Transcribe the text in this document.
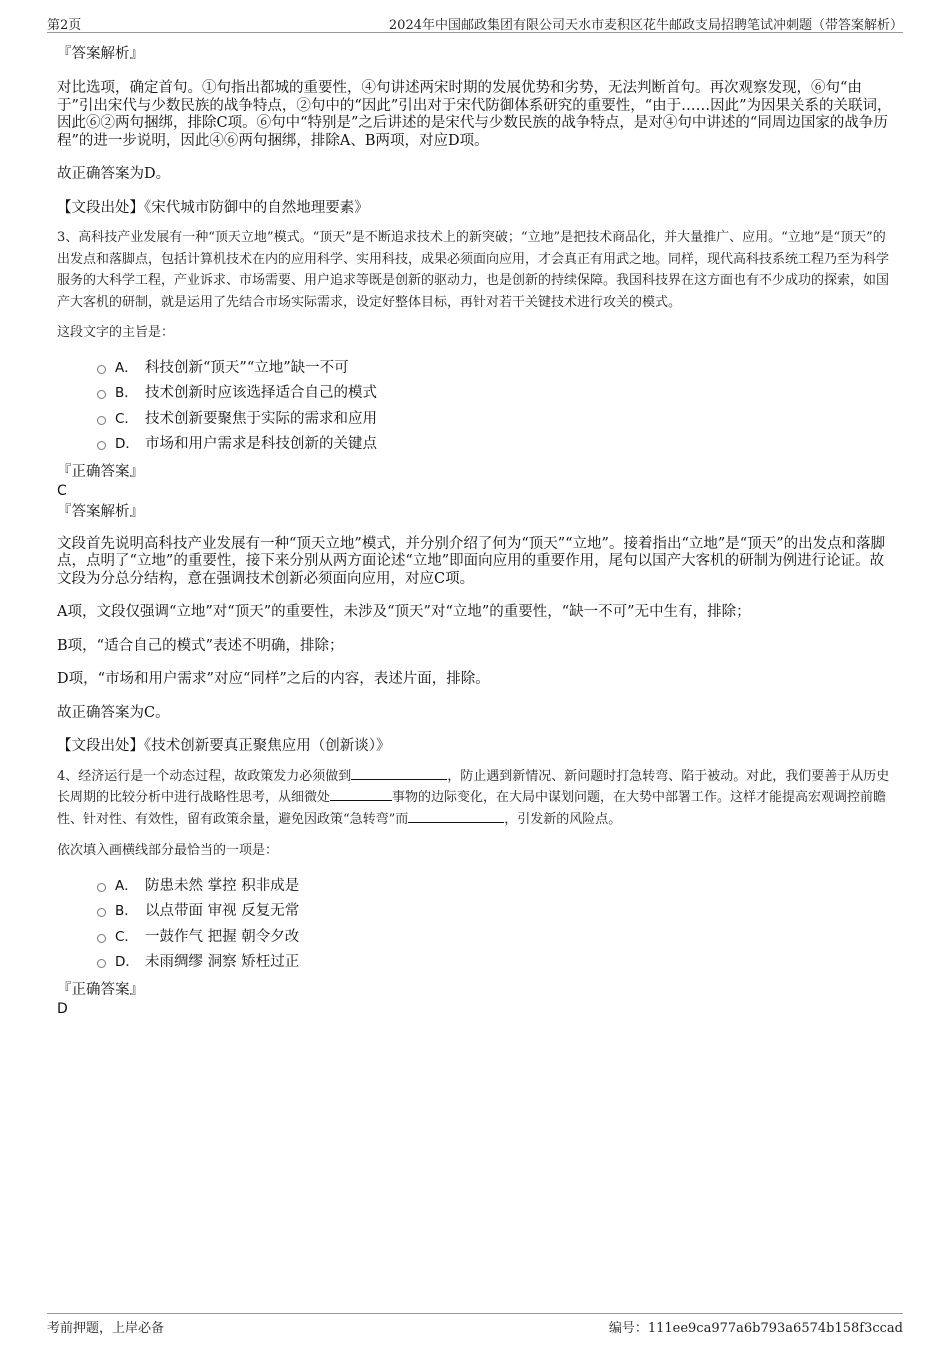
第2页	2024年中国邮政集团有限公司天水市麦积区花牛邮政支局招聘笔试冲刺题（带答案解析）

『答案解析』

对比选项，确定首句。①句指出都城的重要性，④句讲述两宋时期的发展优势和劣势，无法判断首句。再次观察发现，⑥句“由于”引出宋代与少数民族的战争特点，②句中的“因此”引出对于宋代防御体系研究的重要性，“由于……因此”为因果关系的关联词，因此⑥②两句捆绑，排除C项。⑥句中“特别是”之后讲述的是宋代与少数民族的战争特点，是对④句中讲述的“同周边国家的战争历程”的进一步说明，因此④⑥两句捆绑，排除A、B两项，对应D项。

故正确答案为D。

【文段出处】《宋代城市防御中的自然地理要素》

3、高科技产业发展有一种“顶天立地”模式。“顶天”是不断追求技术上的新突破；“立地”是把技术商品化，并大量推广、应用。“立地”是“顶天”的出发点和落脚点，包括计算机技术在内的应用科学、实用科技，成果必须面向应用，才会真正有用武之地。同样，现代高科技系统工程乃至为科学服务的大科学工程，产业诉求、市场需要、用户追求等既是创新的驱动力，也是创新的持续保障。我国科技界在这方面也有不少成功的探索，如国产大客机的研制，就是运用了先结合市场实际需求，设定好整体目标，再针对若干关键技术进行攻关的模式。

这段文字的主旨是：

A． 科技创新“顶天”“立地”缺一不可
B． 技术创新时应该选择适合自己的模式
C． 技术创新要聚焦于实际的需求和应用
D． 市场和用户需求是科技创新的关键点

『正确答案』

C

『答案解析』

文段首先说明高科技产业发展有一种“顶天立地”模式，并分别介绍了何为“顶天”“立地”。接着指出“立地”是“顶天”的出发点和落脚点，点明了“立地”的重要性，接下来分别从两方面论述“立地”即面向应用的重要作用，尾句以国产大客机的研制为例进行论证。故文段为分总分结构，意在强调技术创新必须面向应用，对应C项。

A项，文段仅强调“立地”对“顶天”的重要性，未涉及“顶天”对“立地”的重要性，“缺一不可”无中生有，排除；

B项，“适合自己的模式”表述不明确，排除；

D项，“市场和用户需求”对应“同样”之后的内容，表述片面，排除。

故正确答案为C。

【文段出处】《技术创新要真正聚焦应用（创新谈）》

4、经济运行是一个动态过程，故政策发力必须做到	，防止遇到新情况、新问题时打急转弯、陷于被动。对此，我们要善于从历史长周期的比较分析中进行战略性思考，从细微处	事物的边际变化，在大局中谋划问题，在大势中部署工作。这样才能提高宏观调控前瞻性、针对性、有效性，留有政策余量，避免因政策“急转弯”而	，引发新的风险点。

依次填入画横线部分最恰当的一项是：

A． 防患未然 掌控 积非成是
B． 以点带面 审视 反复无常
C． 一鼓作气 把握 朝令夕改
D． 未雨绸缪 洞察 矫枉过正

『正确答案』

D

考前押题，上岸必备	编号：111ee9ca977a6b793a6574b158f3ccad
